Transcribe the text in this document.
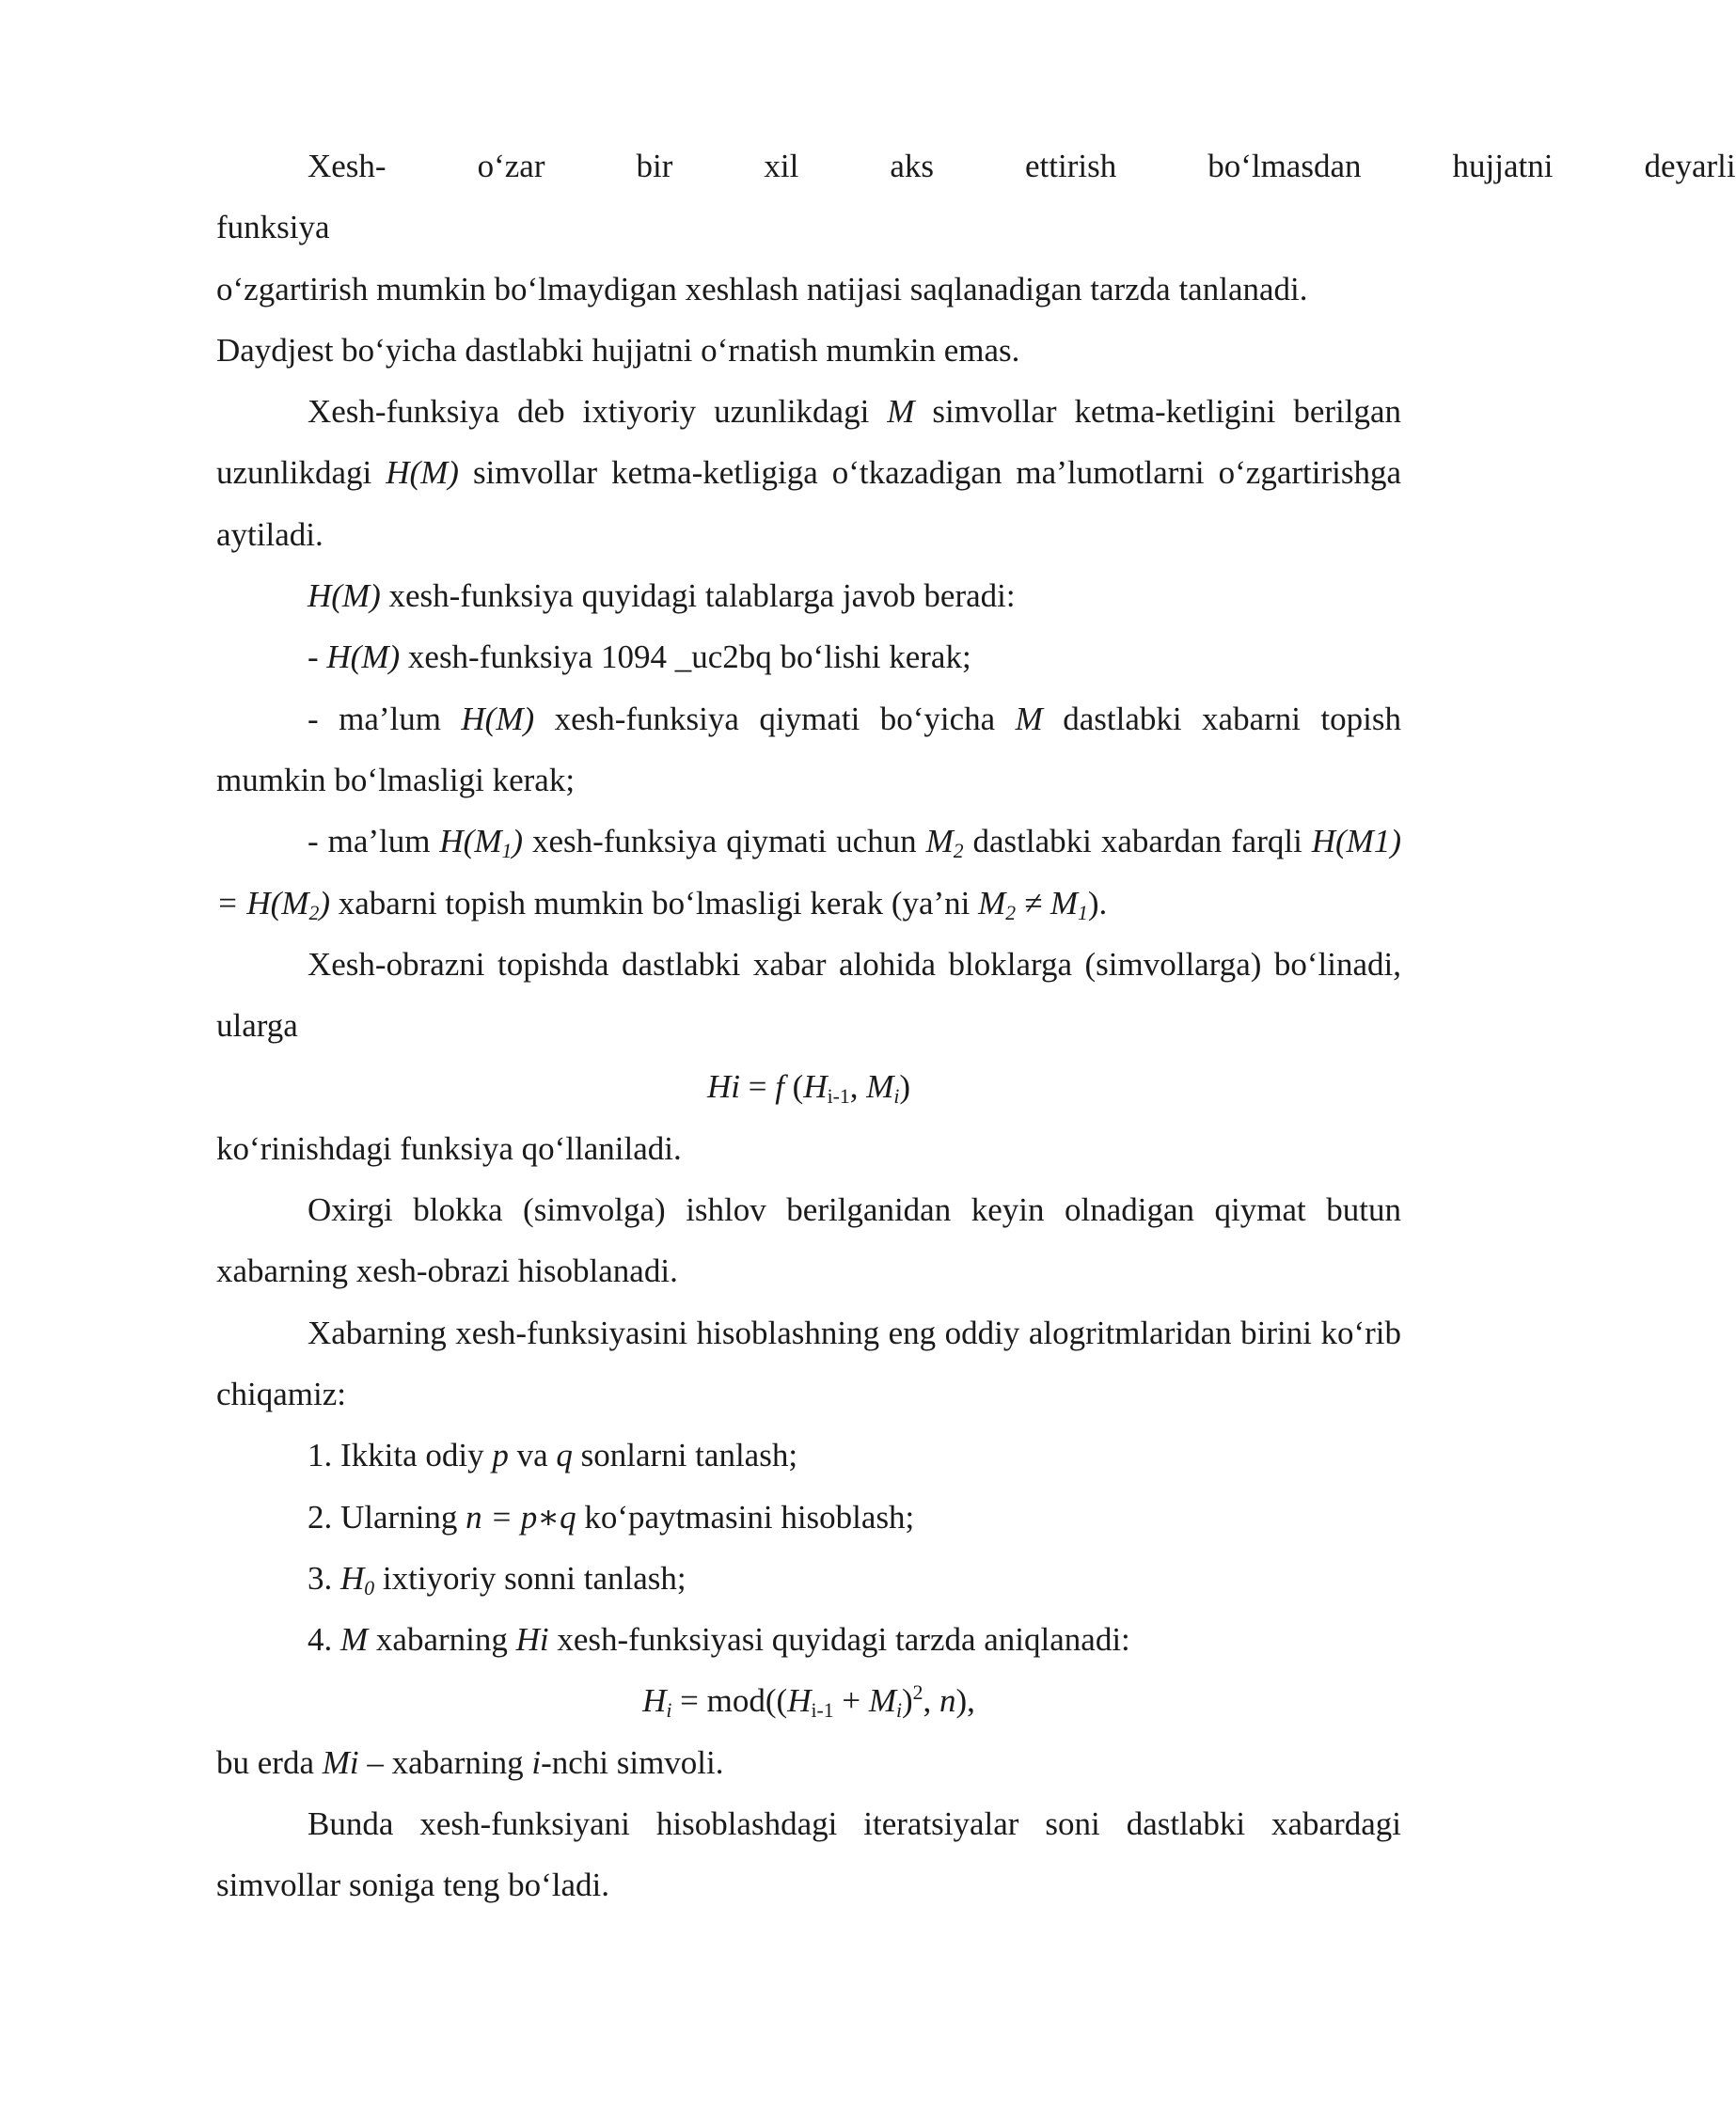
Xesh-funksiya
o‘zar	bir	xil	aks	ettirish	bo‘lmasdan	hujjatni	deyarli

o‘zgartirish mumkin bo‘lmaydigan xeshlash natijasi saqlanadigan tarzda tanlanadi.

Daydjest bo‘yicha dastlabki hujjatni o‘rnatish mumkin emas.

Xesh-funksiya deb ixtiyoriy uzunlikdagi M simvollar ketma-ketligini berilgan uzunlikdagi H(M) simvollar ketma-ketligiga o‘tkazadigan ma’lumotlarni o‘zgartirishga aytiladi.

H(M) xesh-funksiya quyidagi talablarga javob beradi:

- H(M) xesh-funksiya 1094 _uc2bq bo‘lishi kerak;

- ma’lum H(M) xesh-funksiya qiymati bo‘yicha M dastlabki xabarni topish mumkin bo‘lmasligi kerak;

- ma’lum $H(M_1)$ xesh-funksiya qiymati uchun $M_2$ dastlabki xabardan farqli $H(M1) = H(M_2)$ xabarni topish mumkin bo‘lmasligi kerak (ya’ni $M_2 \ne M_1$).

Xesh-obrazni topishda dastlabki xabar alohida bloklarga (simvollarga) bo‘linadi, ularga

Hi = f ($H_{i-1}$, $M_i$)

ko‘rinishdagi funksiya qo‘llaniladi.

Oxirgi blokka (simvolga) ishlov berilganidan keyin olnadigan qiymat butun xabarning xesh-obrazi hisoblanadi.

Xabarning xesh-funksiyasini hisoblashning eng oddiy alogritmlaridan birini ko‘rib chiqamiz:

1. Ikkita odiy p va q sonlarni tanlash;

2. Ularning n = p∗q ko‘paytmasini hisoblash;

3. $H_0$ ixtiyoriy sonni tanlash;

4. M xabarning Hi xesh-funksiyasi quyidagi tarzda aniqlanadi:

$H_i = mod((H_{i-1} + M_i)^2$, n),

bu erda Mi – xabarning i-nchi simvoli.

Bunda xesh-funksiyani hisoblashdagi iteratsiyalar soni dastlabki xabardagi simvollar soniga teng bo‘ladi.
